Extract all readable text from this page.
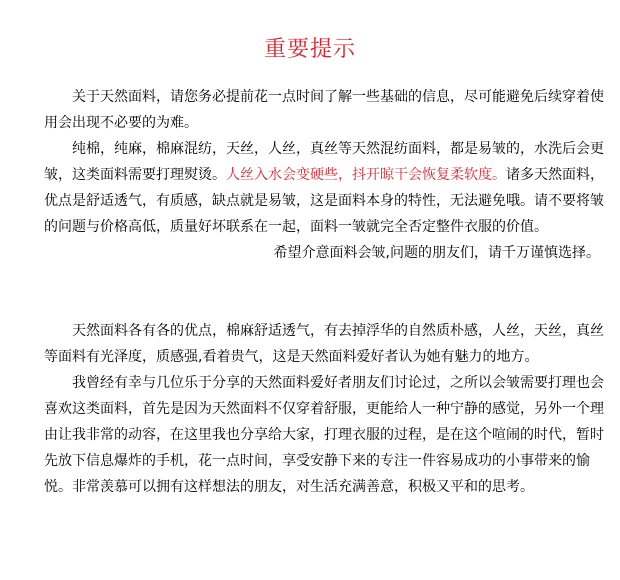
重要提示

关于天然面料，请您务必提前花一点时间了解一些基础的信息，尽可能避免后续穿着使用会出现不必要的为难。

纯棉，纯麻，棉麻混纺，天丝，人丝，真丝等天然混纺面料，都是易皱的，水洗后会更皱，这类面料需要打理熨烫。人丝入水会变硬些，抖开晾干会恢复柔软度。诸多天然面料，优点是舒适透气，有质感，缺点就是易皱，这是面料本身的特性，无法避免哦。请不要将皱的问题与价格高低，质量好坏联系在一起，面料一皱就完全否定整件衣服的价值。

希望介意面料会皱,问题的朋友们，请千万谨慎选择。

天然面料各有各的优点，棉麻舒适透气，有去掉浮华的自然质朴感，人丝，天丝，真丝等面料有光泽度，质感强,看着贵气，这是天然面料爱好者认为她有魅力的地方。

我曾经有幸与几位乐于分享的天然面料爱好者朋友们讨论过，之所以会皱需要打理也会喜欢这类面料，首先是因为天然面料不仅穿着舒服，更能给人一种宁静的感觉，另外一个理由让我非常的动容，在这里我也分享给大家，打理衣服的过程，是在这个喧闹的时代，暂时先放下信息爆炸的手机，花一点时间，享受安静下来的专注一件容易成功的小事带来的愉悦。非常羡慕可以拥有这样想法的朋友，对生活充满善意，积极又平和的思考。
